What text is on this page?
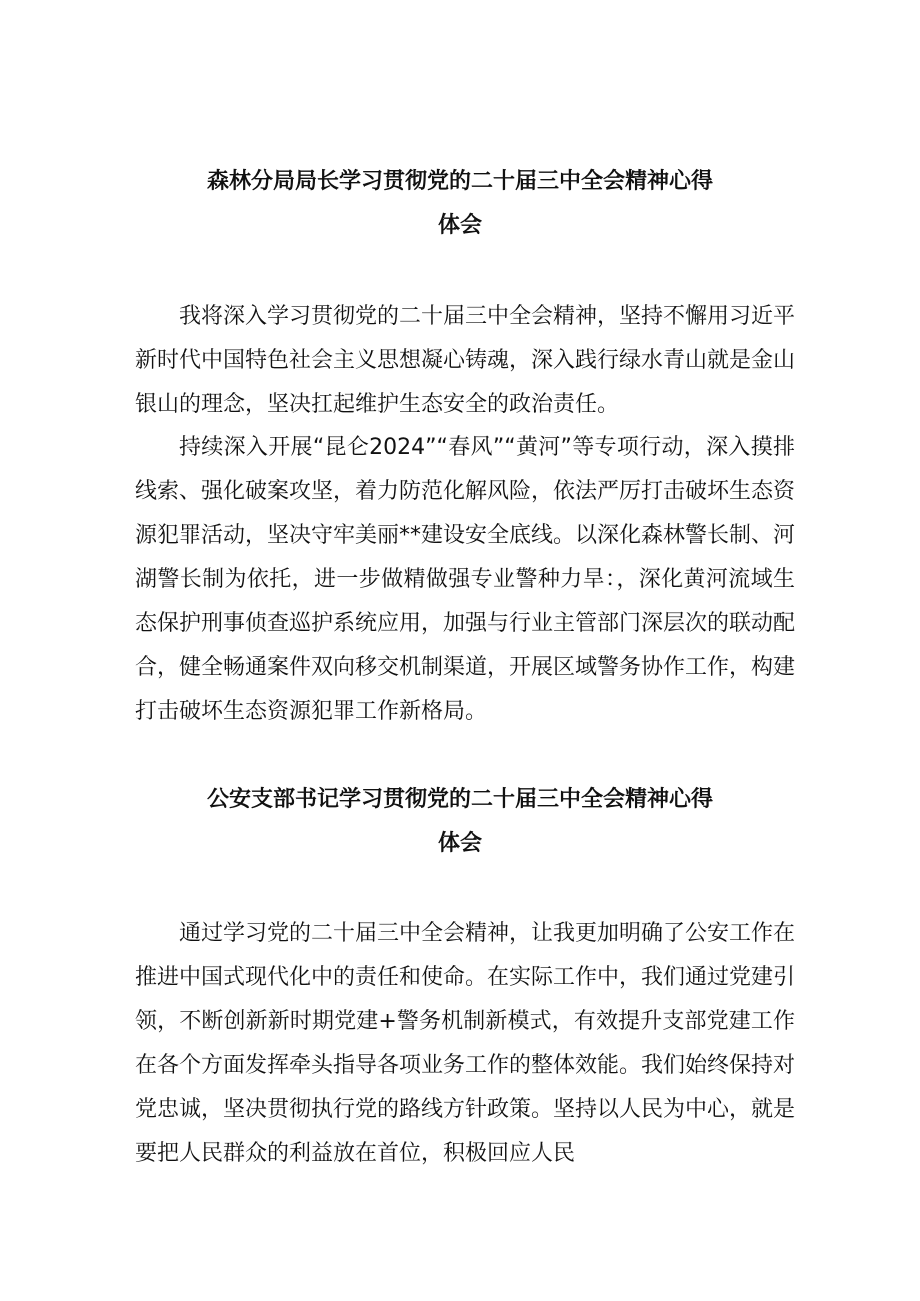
森林分局局长学习贯彻党的二十届三中全会精神心得
体会

我将深入学习贯彻党的二十届三中全会精神，坚持不懈用习近平新时代中国特色社会主义思想凝心铸魂，深入践行绿水青山就是金山银山的理念，坚决扛起维护生态安全的政治责任。

持续深入开展“昆仑2024”“春风”“黄河”等专项行动，深入摸排线索、强化破案攻坚，着力防范化解风险，依法严厉打击破坏生态资源犯罪活动，坚决守牢美丽**建设安全底线。以深化森林警长制、河湖警长制为依托，进一步做精做强专业警种力旱：，深化黄河流域生态保护刑事侦查巡护系统应用，加强与行业主管部门深层次的联动配合，健全畅通案件双向移交机制渠道，开展区域警务协作工作，构建打击破坏生态资源犯罪工作新格局。

公安支部书记学习贯彻党的二十届三中全会精神心得
体会

通过学习党的二十届三中全会精神，让我更加明确了公安工作在推进中国式现代化中的责任和使命。在实际工作中，我们通过党建引领，不断创新新时期党建+警务机制新模式，有效提升支部党建工作在各个方面发挥牵头指导各项业务工作的整体效能。我们始终保持对党忠诚，坚决贯彻执行党的路线方针政策。坚持以人民为中心，就是要把人民群众的利益放在首位，积极回应人民
